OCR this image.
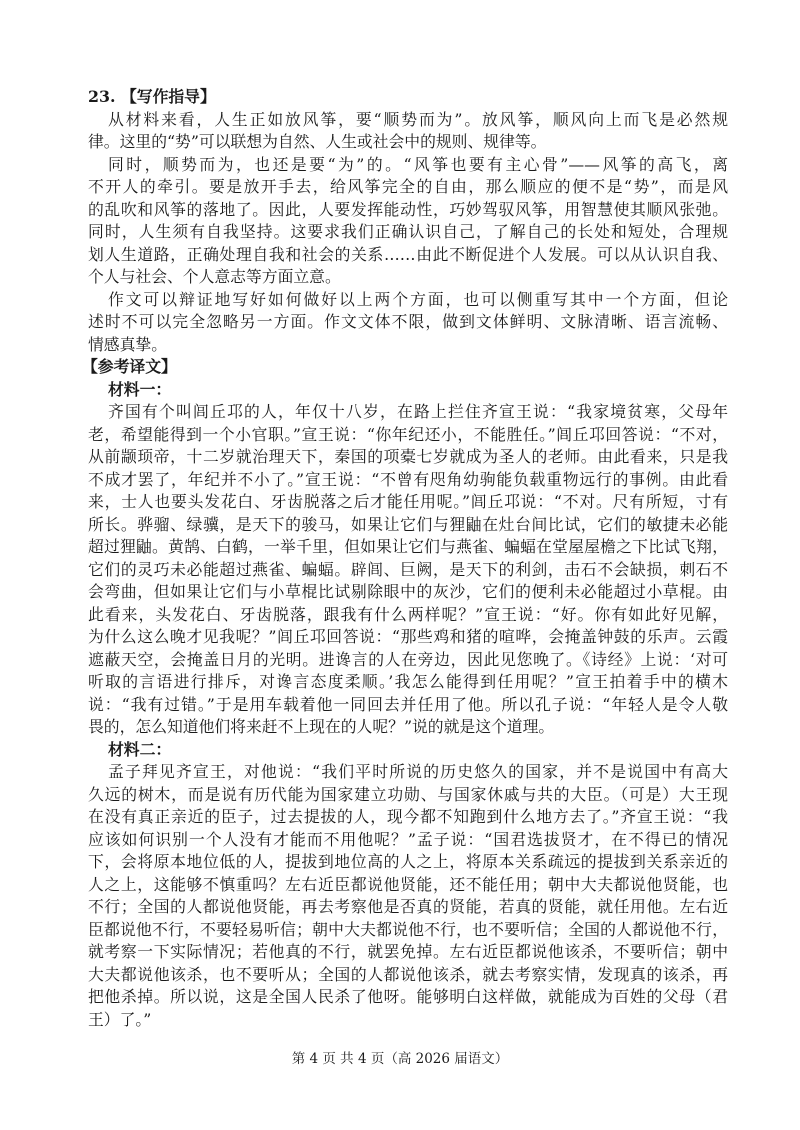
23. 【写作指导】
从材料来看，人生正如放风筝，要“顺势而为”。放风筝，顺风向上而飞是必然规
律。这里的“势”可以联想为自然、人生或社会中的规则、规律等。
同时，顺势而为，也还是要“为”的。“风筝也要有主心骨”——风筝的高飞，离
不开人的牵引。要是放开手去，给风筝完全的自由，那么顺应的便不是“势”，而是风
的乱吹和风筝的落地了。因此，人要发挥能动性，巧妙驾驭风筝，用智慧使其顺风张弛。
同时，人生须有自我坚持。这要求我们正确认识自己，了解自己的长处和短处，合理规
划人生道路，正确处理自我和社会的关系……由此不断促进个人发展。可以从认识自我、
个人与社会、个人意志等方面立意。
作文可以辩证地写好如何做好以上两个方面，也可以侧重写其中一个方面，但论
述时不可以完全忽略另一方面。作文文体不限，做到文体鲜明、文脉清晰、语言流畅、
情感真挚。
【参考译文】
材料一：
齐国有个叫闾丘邛的人，年仅十八岁，在路上拦住齐宣王说：“我家境贫寒，父母年
老，希望能得到一个小官职。”宣王说：“你年纪还小，不能胜任。”闾丘邛回答说：“不对，
从前颛顼帝，十二岁就治理天下，秦国的项橐七岁就成为圣人的老师。由此看来，只是我
不成才罢了，年纪并不小了。”宣王说：“不曾有咫角幼驹能负载重物远行的事例。由此看
来，士人也要头发花白、牙齿脱落之后才能任用呢。”闾丘邛说：“不对。尺有所短，寸有
所长。骅骝、绿骥，是天下的骏马，如果让它们与狸鼬在灶台间比试，它们的敏捷未必能
超过狸鼬。黄鹄、白鹤，一举千里，但如果让它们与燕雀、蝙蝠在堂屋屋檐之下比试飞翔，
它们的灵巧未必能超过燕雀、蝙蝠。辟闾、巨阙，是天下的利剑，击石不会缺损，刺石不
会弯曲，但如果让它们与小草棍比试剔除眼中的灰沙，它们的便利未必能超过小草棍。由
此看来，头发花白、牙齿脱落，跟我有什么两样呢？”宣王说：“好。你有如此好见解，
为什么这么晚才见我呢？”闾丘邛回答说：“那些鸡和猪的喧哗，会掩盖钟鼓的乐声。云霞
遮蔽天空，会掩盖日月的光明。进谗言的人在旁边，因此见您晚了。《诗经》上说：‘对可
听取的言语进行排斥，对谗言态度柔顺。’我怎么能得到任用呢？”宣王拍着手中的横木
说：“我有过错。”于是用车载着他一同回去并任用了他。所以孔子说：“年轻人是令人敬
畏的，怎么知道他们将来赶不上现在的人呢？”说的就是这个道理。
材料二：
孟子拜见齐宣王，对他说：“我们平时所说的历史悠久的国家，并不是说国中有高大
久远的树木，而是说有历代能为国家建立功勋、与国家休戚与共的大臣。（可是）大王现
在没有真正亲近的臣子，过去提拔的人，现今都不知跑到什么地方去了。”齐宣王说：“我
应该如何识别一个人没有才能而不用他呢？”孟子说：“国君选拔贤才，在不得已的情况
下，会将原本地位低的人，提拔到地位高的人之上，将原本关系疏远的提拔到关系亲近的
人之上，这能够不慎重吗？左右近臣都说他贤能，还不能任用；朝中大夫都说他贤能，也
不行；全国的人都说他贤能，再去考察他是否真的贤能，若真的贤能，就任用他。左右近
臣都说他不行，不要轻易听信；朝中大夫都说他不行，也不要听信；全国的人都说他不行，
就考察一下实际情况；若他真的不行，就罢免掉。左右近臣都说他该杀，不要听信；朝中
大夫都说他该杀，也不要听从；全国的人都说他该杀，就去考察实情，发现真的该杀，再
把他杀掉。所以说，这是全国人民杀了他呀。能够明白这样做，就能成为百姓的父母（君
王）了。”
第 4 页 共 4 页（高 2026 届语文）
